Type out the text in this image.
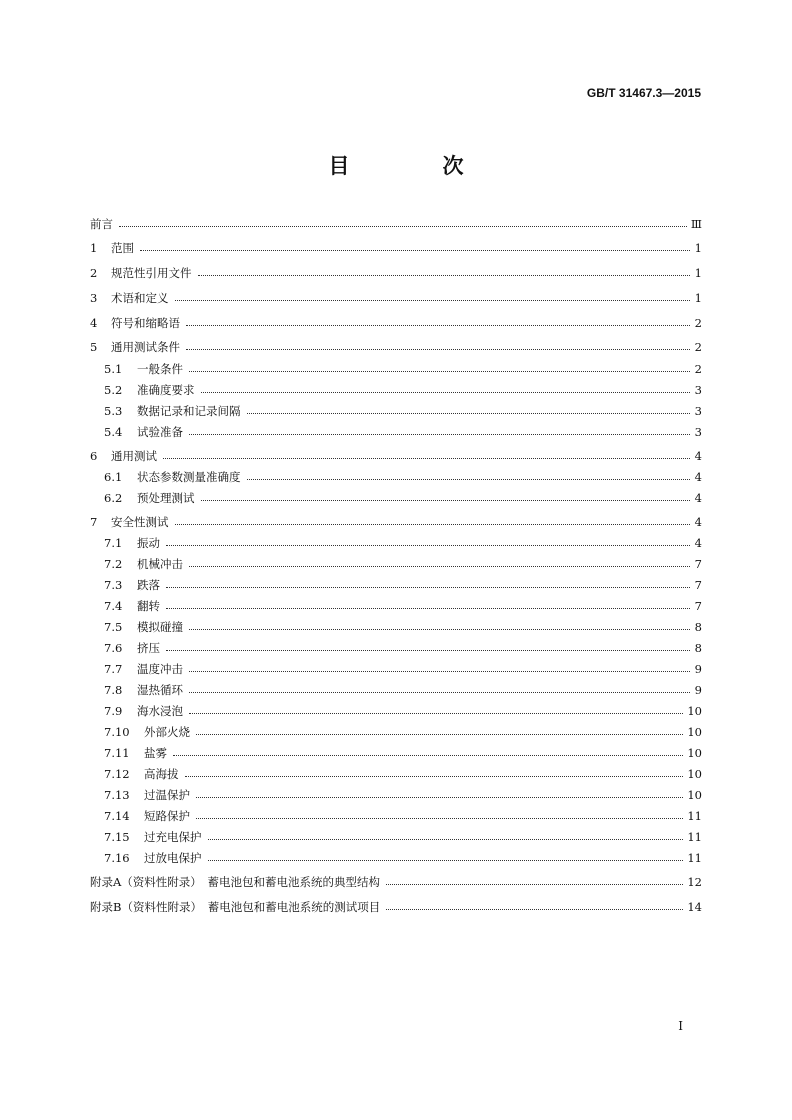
GB/T 31467.3—2015
目　次
前言	Ⅲ
1	范围	1
2	规范性引用文件	1
3	术语和定义	1
4	符号和缩略语	2
5	通用测试条件	2
5.1	一般条件	2
5.2	准确度要求	3
5.3	数据记录和记录间隔	3
5.4	试验准备	3
6	通用测试	4
6.1	状态参数测量准确度	4
6.2	预处理测试	4
7	安全性测试	4
7.1	振动	4
7.2	机械冲击	7
7.3	跌落	7
7.4	翻转	7
7.5	模拟碰撞	8
7.6	挤压	8
7.7	温度冲击	9
7.8	湿热循环	9
7.9	海水浸泡	10
7.10	外部火烧	10
7.11	盐雾	10
7.12	高海拔	10
7.13	过温保护	10
7.14	短路保护	11
7.15	过充电保护	11
7.16	过放电保护	11
附录A（资料性附录）　蓄电池包和蓄电池系统的典型结构	12
附录B（资料性附录）　蓄电池包和蓄电池系统的测试项目	14
I
